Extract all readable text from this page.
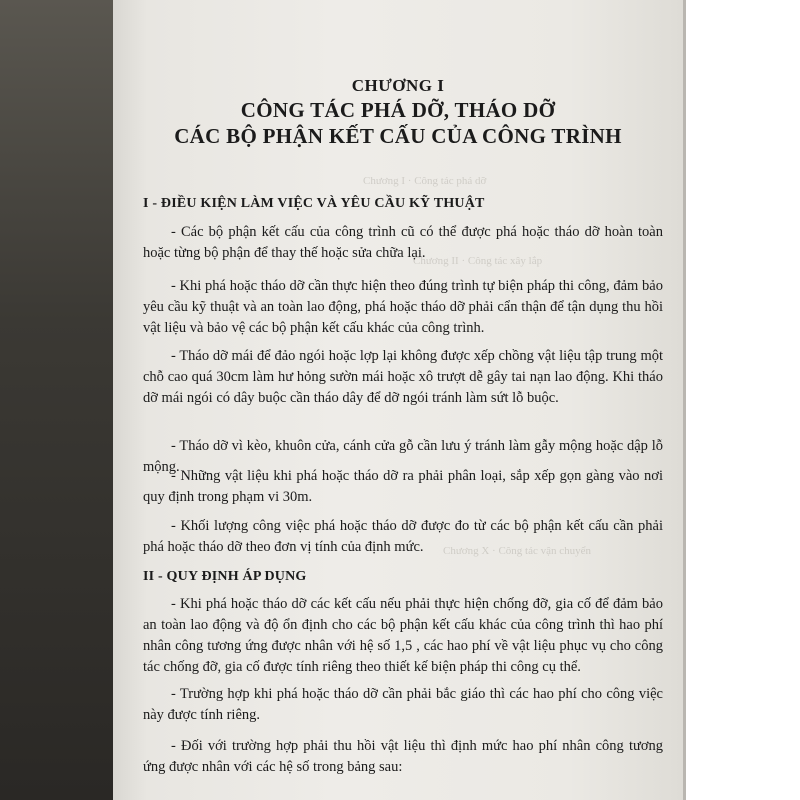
Chương I · Công tác phá dỡ
Chương II · Công tác xây lắp
Chương X · Công tác vận chuyển
CHƯƠNG I
CÔNG TÁC PHÁ DỠ, THÁO DỠ
CÁC BỘ PHẬN KẾT CẤU CỦA CÔNG TRÌNH
I - ĐIỀU KIỆN LÀM VIỆC VÀ YÊU CẦU KỸ THUẬT
- Các bộ phận kết cấu của công trình cũ có thể được phá hoặc tháo dỡ hoàn toàn hoặc từng bộ phận để thay thế hoặc sửa chữa lại.
- Khi phá hoặc tháo dỡ cần thực hiện theo đúng trình tự biện pháp thi công, đảm bảo yêu cầu kỹ thuật và an toàn lao động, phá hoặc tháo dỡ phải cẩn thận để tận dụng thu hồi vật liệu và bảo vệ các bộ phận kết cấu khác của công trình.
- Tháo dỡ mái để đảo ngói hoặc lợp lại không được xếp chồng vật liệu tập trung một chỗ cao quá 30cm làm hư hỏng sườn mái hoặc xô trượt dễ gây tai nạn lao động. Khi tháo dỡ mái ngói có dây buộc cần tháo dây để dỡ ngói tránh làm sứt lỗ buộc.
- Tháo dỡ vì kèo, khuôn cửa, cánh cửa gỗ cần lưu ý tránh làm gẫy mộng hoặc dập lỗ mộng.
- Những vật liệu khi phá hoặc tháo dỡ ra phải phân loại, sắp xếp gọn gàng vào nơi quy định trong phạm vi 30m.
- Khối lượng công việc phá hoặc tháo dỡ được đo từ các bộ phận kết cấu cần phải phá hoặc tháo dỡ theo đơn vị tính của định mức.
II - QUY ĐỊNH ÁP DỤNG
- Khi phá hoặc tháo dỡ các kết cấu nếu phải thực hiện chống đỡ, gia cố để đảm bảo an toàn lao động và độ ổn định cho các bộ phận kết cấu khác của công trình thì hao phí nhân công tương ứng được nhân với hệ số 1,5 , các hao phí về vật liệu phục vụ cho công tác chống đỡ, gia cố được tính riêng theo thiết kế biện pháp thi công cụ thể.
- Trường hợp khi phá hoặc tháo dỡ cần phải bắc giáo thì các hao phí cho công việc này được tính riêng.
- Đối với trường hợp phải thu hồi vật liệu thì định mức hao phí nhân công tương ứng được nhân với các hệ số trong bảng sau:
